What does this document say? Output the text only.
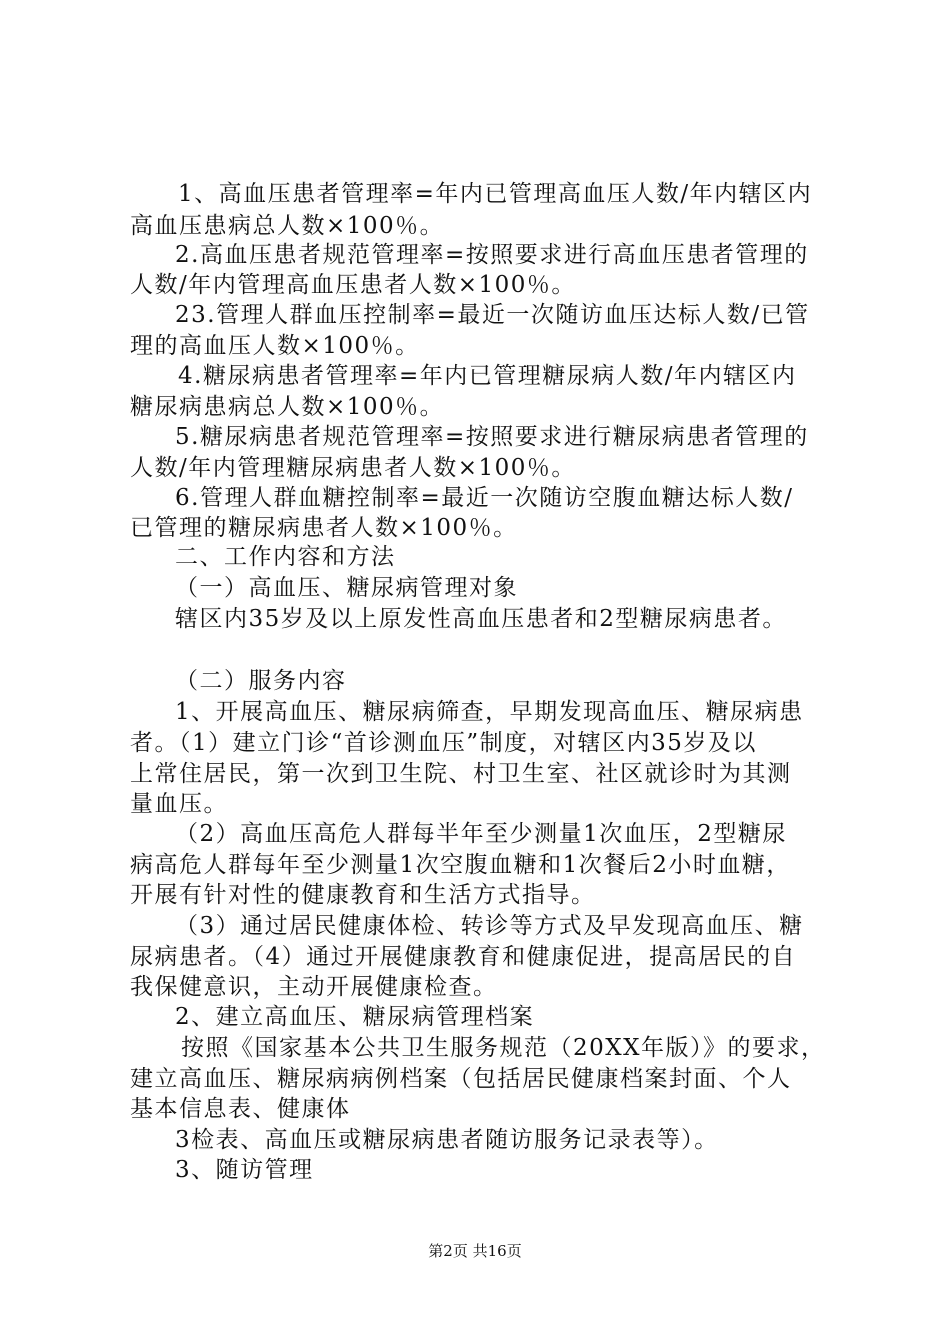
1、高血压患者管理率=年内已管理高血压人数/年内辖区内
高血压患病总人数×100％。
2.高血压患者规范管理率=按照要求进行高血压患者管理的
人数/年内管理高血压患者人数×100％。
23.管理人群血压控制率=最近一次随访血压达标人数/已管
理的高血压人数×100％。
4.糖尿病患者管理率=年内已管理糖尿病人数/年内辖区内
糖尿病患病总人数×100％。
5.糖尿病患者规范管理率=按照要求进行糖尿病患者管理的
人数/年内管理糖尿病患者人数×100％。
6.管理人群血糖控制率=最近一次随访空腹血糖达标人数/
已管理的糖尿病患者人数×100％。
二、工作内容和方法
（一）高血压、糖尿病管理对象
辖区内35岁及以上原发性高血压患者和2型糖尿病患者。
（二）服务内容
1、开展高血压、糖尿病筛查，早期发现高血压、糖尿病患
者。（1）建立门诊“首诊测血压”制度，对辖区内35岁及以
上常住居民，第一次到卫生院、村卫生室、社区就诊时为其测
量血压。
（2）高血压高危人群每半年至少测量1次血压，2型糖尿
病高危人群每年至少测量1次空腹血糖和1次餐后2小时血糖，
开展有针对性的健康教育和生活方式指导。
（3）通过居民健康体检、转诊等方式及早发现高血压、糖
尿病患者。（4）通过开展健康教育和健康促进，提高居民的自
我保健意识，主动开展健康检查。
2、建立高血压、糖尿病管理档案
按照《国家基本公共卫生服务规范（20XX年版）》的要求，
建立高血压、糖尿病病例档案（包括居民健康档案封面、个人
基本信息表、健康体
3检表、高血压或糖尿病患者随访服务记录表等）。
3、随访管理
第2页 共16页
